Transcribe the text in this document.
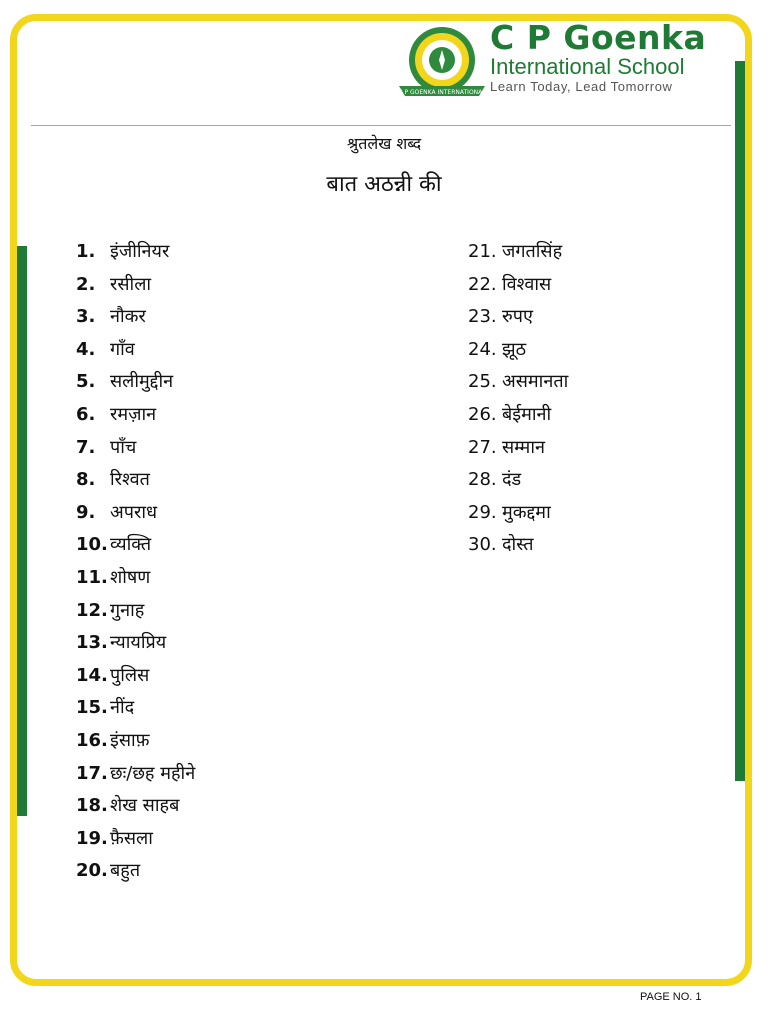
C P GOENKA INTERNATIONAL
C P Goenka
International School
Learn Today, Lead Tomorrow
श्रुतलेख शब्द
बात अठन्नी की
1. इंजीनियर
2. रसीला
3. नौकर
4. गाँव
5. सलीमुद्दीन
6. रमज़ान
7. पाँच
8. रिश्वत
9. अपराध
10. व्यक्ति
11. शोषण
12. गुनाह
13. न्यायप्रिय
14. पुलिस
15. नींद
16. इंसाफ़
17. छः/छह महीने
18. शेख साहब
19. फ़ैसला
20. बहुत
21. जगतसिंह
22. विश्वास
23. रुपए
24. झूठ
25. असमानता
26. बेईमानी
27. सम्मान
28. दंड
29. मुकद्दमा
30. दोस्त
PAGE NO. 1
